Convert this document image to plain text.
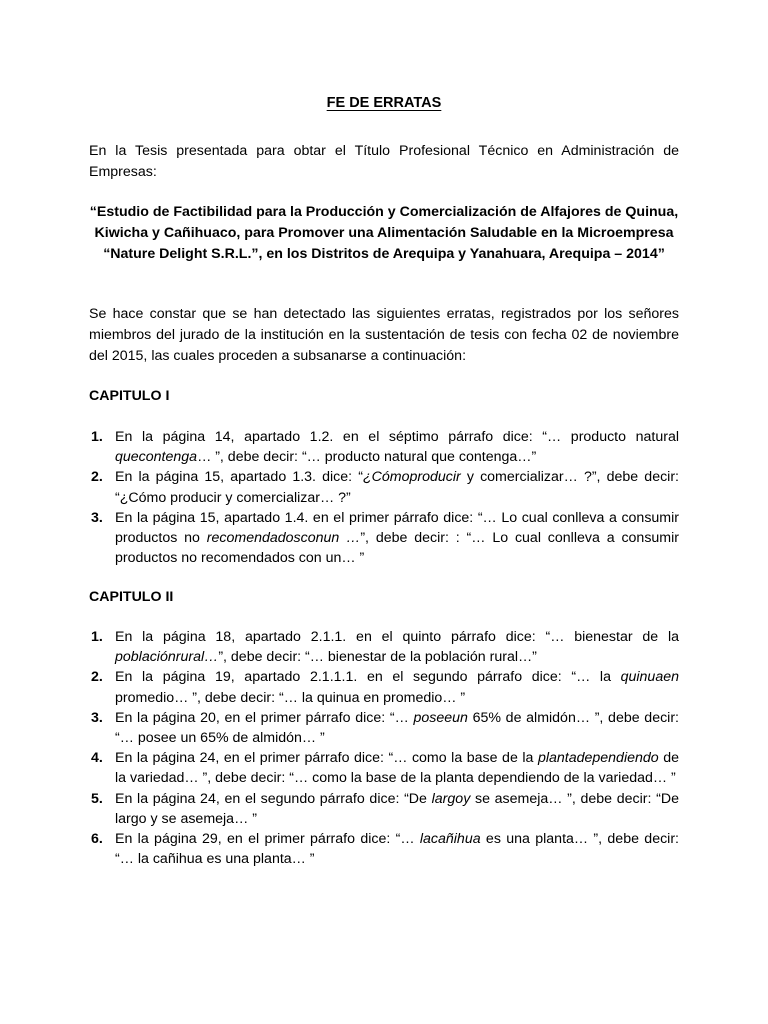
FE DE ERRATAS

En la Tesis presentada para obtar el Título Profesional Técnico en Administración de Empresas:

“Estudio de Factibilidad para la Producción y Comercialización de Alfajores de Quinua, Kiwicha y Cañihuaco, para Promover una Alimentación Saludable en la Microempresa “Nature Delight S.R.L.”, en los Distritos de Arequipa y Yanahuara, Arequipa – 2014”

Se hace constar que se han detectado las siguientes erratas, registrados por los señores miembros del jurado de la institución en la sustentación de tesis con fecha 02 de noviembre del 2015, las cuales proceden a subsanarse a continuación:

CAPITULO I
1. En la página 14, apartado 1.2. en el séptimo párrafo dice: “… producto natural quecontenga… ”, debe decir: “… producto natural que contenga…”
2. En la página 15, apartado 1.3. dice: “¿Cómoproducir y comercializar… ?”, debe decir: “¿Cómo producir y comercializar… ?”
3. En la página 15, apartado 1.4. en el primer párrafo dice: “… Lo cual conlleva a consumir productos no recomendadosconun …”, debe decir: : “… Lo cual conlleva a consumir productos no recomendados con un… ”
CAPITULO II
1. En la página 18, apartado 2.1.1. en el quinto párrafo dice: “… bienestar de la poblaciónrural…”, debe decir: “… bienestar de la población rural…”
2. En la página 19, apartado 2.1.1.1. en el segundo párrafo dice: “… la quinuaen promedio… ”, debe decir: “… la quinua en promedio… ”
3. En la página 20, en el primer párrafo dice: “… poseeun 65% de almidón… ”, debe decir: “… posee un 65% de almidón… ”
4. En la página 24, en el primer párrafo dice: “… como la base de la plantadependiendo de la variedad… ”, debe decir: “… como la base de la planta dependiendo de la variedad… ”
5. En la página 24, en el segundo párrafo dice: “De largoy se asemeja… ”, debe decir: “De largo y se asemeja… ”
6. En la página 29, en el primer párrafo dice: “… lacañihua es una planta… ”, debe decir: “… la cañihua es una planta… ”
